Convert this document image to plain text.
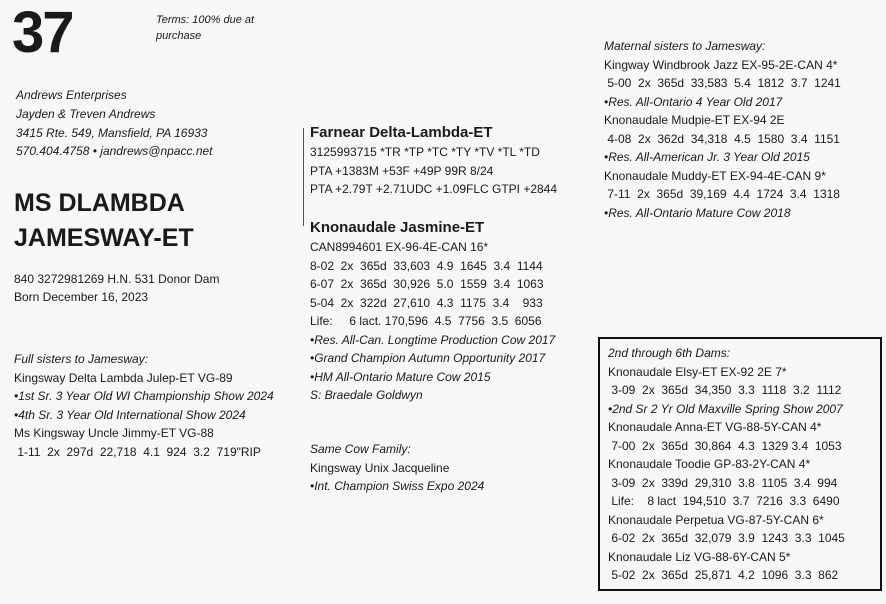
37	Terms: 100% due at purchase
Andrews Enterprises
Jayden & Treven Andrews
3415 Rte. 549, Mansfield, PA 16933
570.404.4758 • jandrews@npacc.net
MS DLAMBDA
JAMESWAY-ET
840 3272981269 H.N. 531 Donor Dam
Born December 16, 2023
Full sisters to Jamesway:
Kingsway Delta Lambda Julep-ET VG-89
•1st Sr. 3 Year Old WI Championship Show 2024
•4th Sr. 3 Year Old International Show 2024
Ms Kingsway Uncle Jimmy-ET VG-88
1-11  2x  297d  22,718  4.1  924  3.2  719"RIP
Farnear Delta-Lambda-ET
3125993715 *TR *TP *TC *TY *TV *TL *TD
PTA +1383M +53F +49P 99R 8/24
PTA +2.79T +2.71UDC +1.09FLC GTPI +2844
Knonaudale Jasmine-ET
CAN8994601 EX-96-4E-CAN 16*
8-02  2x  365d  33,603  4.9  1645  3.4  1144
6-07  2x  365d  30,926  5.0  1559  3.4  1063
5-04  2x  322d  27,610  4.3  1175  3.4    933
Life:     6 lact. 170,596  4.5  7756  3.5  6056
•Res. All-Can. Longtime Production Cow 2017
•Grand Champion Autumn Opportunity 2017
•HM All-Ontario Mature Cow 2015
S: Braedale Goldwyn
Same Cow Family:
Kingsway Unix Jacqueline
•Int. Champion Swiss Expo 2024
Maternal sisters to Jamesway:
Kingway Windbrook Jazz EX-95-2E-CAN 4*
5-00  2x  365d  33,583  5.4  1812  3.7  1241
•Res. All-Ontario 4 Year Old 2017
Knonaudale Mudpie-ET EX-94 2E
4-08  2x  362d  34,318  4.5  1580  3.4  1151
•Res. All-American Jr. 3 Year Old 2015
Knonaudale Muddy-ET EX-94-4E-CAN 9*
7-11  2x  365d  39,169  4.4  1724  3.4  1318
•Res. All-Ontario Mature Cow 2018
2nd through 6th Dams:
Knonaudale Elsy-ET EX-92 2E 7*
3-09  2x  365d  34,350  3.3  1118  3.2  1112
•2nd Sr 2 Yr Old Maxville Spring Show 2007
Knonaudale Anna-ET VG-88-5Y-CAN 4*
7-00  2x  365d  30,864  4.3  1329 3.4  1053
Knonaudale Toodie GP-83-2Y-CAN 4*
3-09  2x  339d  29,310  3.8  1105  3.4  994
Life:    8 lact  194,510  3.7  7216  3.3  6490
Knonaudale Perpetua VG-87-5Y-CAN 6*
6-02  2x  365d  32,079  3.9  1243  3.3  1045
Knonaudale Liz VG-88-6Y-CAN 5*
5-02  2x  365d  25,871  4.2  1096  3.3  862
